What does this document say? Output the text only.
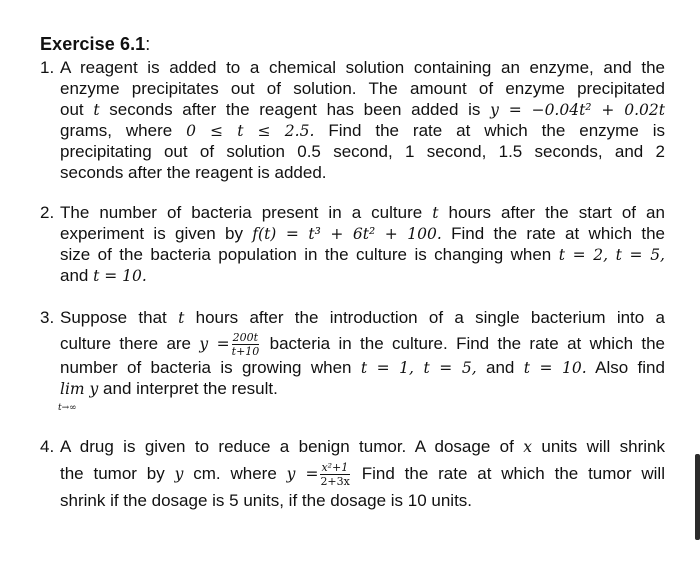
Exercise 6.1:
1. A reagent is added to a chemical solution containing an enzyme, and the
enzyme precipitates out of solution. The amount of enzyme precipitated
out t seconds after the reagent has been added is y = −0.04t² + 0.02t
grams, where 0 ≤ t ≤ 2.5. Find the rate at which the enzyme is
precipitating out of solution 0.5 second, 1 second, 1.5 seconds, and 2
seconds after the reagent is added.
2. The number of bacteria present in a culture t hours after the start of an
experiment is given by f(t) = t³ + 6t² + 100. Find the rate at which the
size of the bacteria population in the culture is changing when t = 2, t = 5,
and t = 10.
3. Suppose that t hours after the introduction of a single bacterium into a
culture there are $y = \frac{200t}{t+10}$ bacteria in the culture. Find the rate at which the
number of bacteria is growing when t = 1, t = 5, and t = 10. Also find
lim y
t→∞
and interpret the result.
4. A drug is given to reduce a benign tumor. A dosage of x units will shrink
the tumor by y cm. where $y = \frac{\text{x²+1}}{2+3x}$ Find the rate at which the tumor will
shrink if the dosage is 5 units, if the dosage is 10 units.
